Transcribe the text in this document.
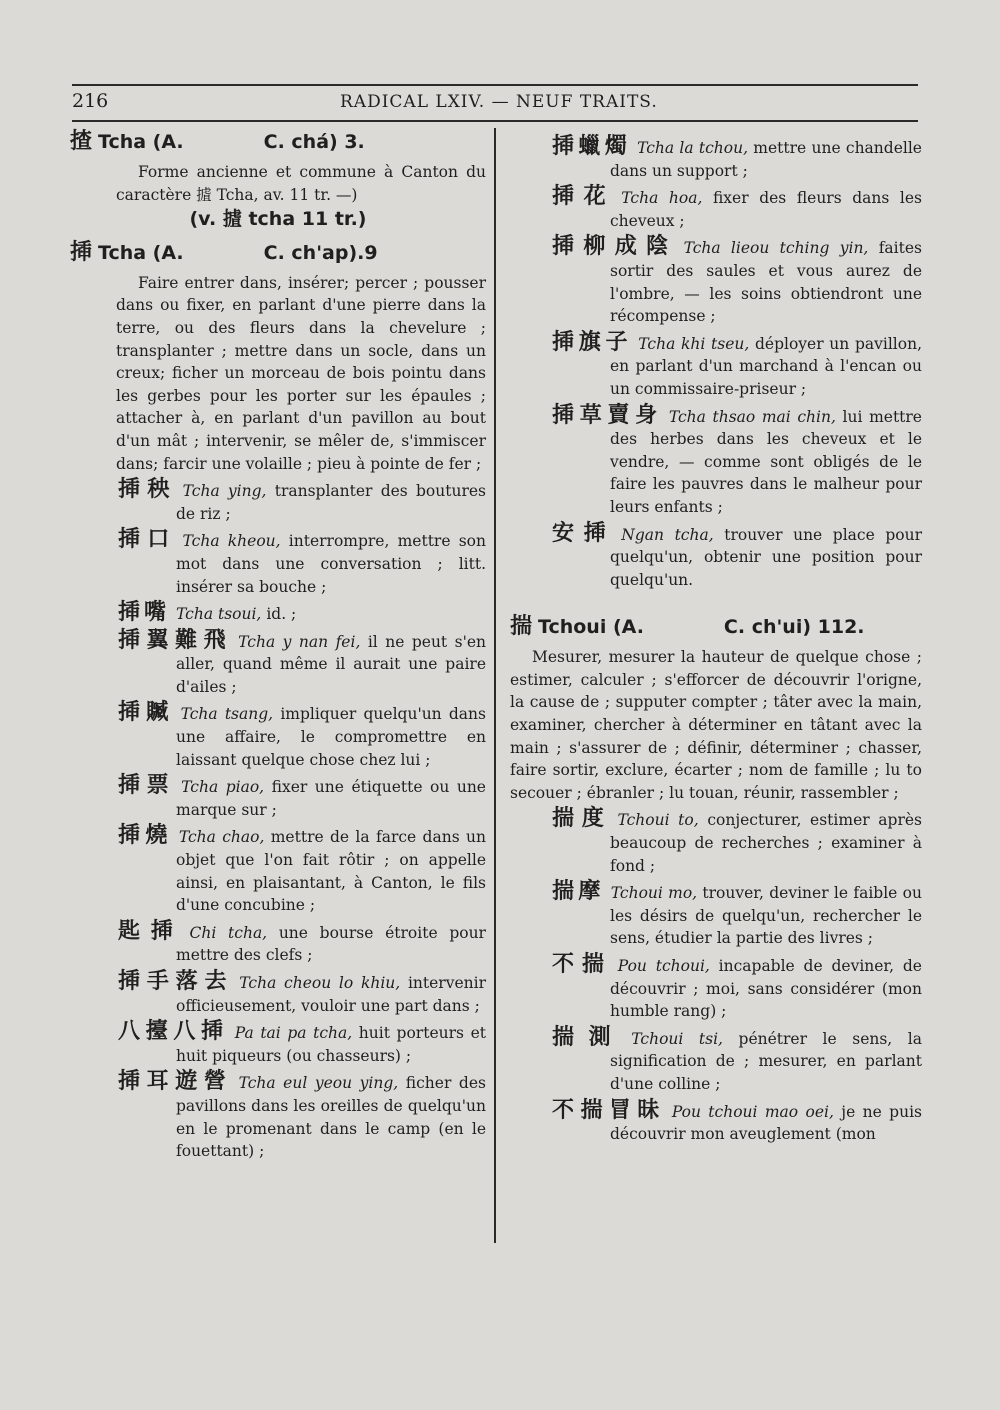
216	RADICAL LXIV. — NEUF TRAITS.

揸 Tcha (A.	C. chá) 3.

Forme ancienne et commune à Canton du caractère 摣 Tcha, av. 11 tr. —)

(v. 摣 tcha 11 tr.)

揷 Tcha (A.	C. ch'ap).9

Faire entrer dans, insérer; percer ; pousser dans ou fixer, en parlant d'une pierre dans la terre, ou des fleurs dans la chevelure ; transplanter ; mettre dans un socle, dans un creux; ficher un morceau de bois pointu dans les gerbes pour les porter sur les épaules ; attacher à, en parlant d'un pavillon au bout d'un mât ; intervenir, se mêler de, s'immiscer dans; farcir une volaille ; pieu à pointe de fer ;

揷秧 Tcha ying, transplanter des boutures de riz ;

揷口 Tcha kheou, interrompre, mettre son mot dans une conversation ; litt. insérer sa bouche ;

揷嘴 Tcha tsoui, id. ;

揷翼難飛 Tcha y nan fei, il ne peut s'en aller, quand même il aurait une paire d'ailes ;

揷贓 Tcha tsang, impliquer quelqu'un dans une affaire, le compromettre en laissant quelque chose chez lui ;

揷票 Tcha piao, fixer une étiquette ou une marque sur ;

揷燒 Tcha chao, mettre de la farce dans un objet que l'on fait rôtir ; on appelle ainsi, en plaisantant, à Canton, le fils d'une concubine ;

匙揷 Chi tcha, une bourse étroite pour mettre des clefs ;

揷手落去 Tcha cheou lo khiu, intervenir officieusement, vouloir une part dans ;

八擡八揷 Pa tai pa tcha, huit porteurs et huit piqueurs (ou chasseurs) ;

揷耳遊營 Tcha eul yeou ying, ficher des pavillons dans les oreilles de quelqu'un en le promenant dans le camp (en le fouettant) ;

揷蠟燭 Tcha la tchou, mettre une chandelle dans un support ;

揷花 Tcha hoa, fixer des fleurs dans les cheveux ;

揷柳成陰 Tcha lieou tching yin, faites sortir des saules et vous aurez de l'ombre, — les soins obtiendront une récompense ;

揷旗子 Tcha khi tseu, déployer un pavillon, en parlant d'un marchand à l'encan ou un commissaire-priseur ;

揷草賣身 Tcha thsao mai chin, lui mettre des herbes dans les cheveux et le vendre, — comme sont obligés de le faire les pauvres dans le malheur pour leurs enfants ;

安揷 Ngan tcha, trouver une place pour quelqu'un, obtenir une position pour quelqu'un.

揣 Tchoui (A.	C. ch'ui) 112.

Mesurer, mesurer la hauteur de quelque chose ; estimer, calculer ; s'efforcer de découvrir l'origne, la cause de ; supputer compter ; tâter avec la main, examiner, chercher à déterminer en tâtant avec la main ; s'assurer de ; définir, déterminer ; chasser, faire sortir, exclure, écarter ; nom de famille ; lu to secouer ; ébranler ; lu touan, réunir, rassembler ;

揣度 Tchoui to, conjecturer, estimer après beaucoup de recherches ; examiner à fond ;

揣摩 Tchoui mo, trouver, deviner le faible ou les désirs de quelqu'un, rechercher le sens, étudier la partie des livres ;

不揣 Pou tchoui, incapable de deviner, de découvrir ; moi, sans considérer (mon humble rang) ;

揣測 Tchoui tsi, pénétrer le sens, la signification de ; mesurer, en parlant d'une colline ;

不揣冒昧 Pou tchoui mao oei, je ne puis découvrir mon aveuglement (mon
